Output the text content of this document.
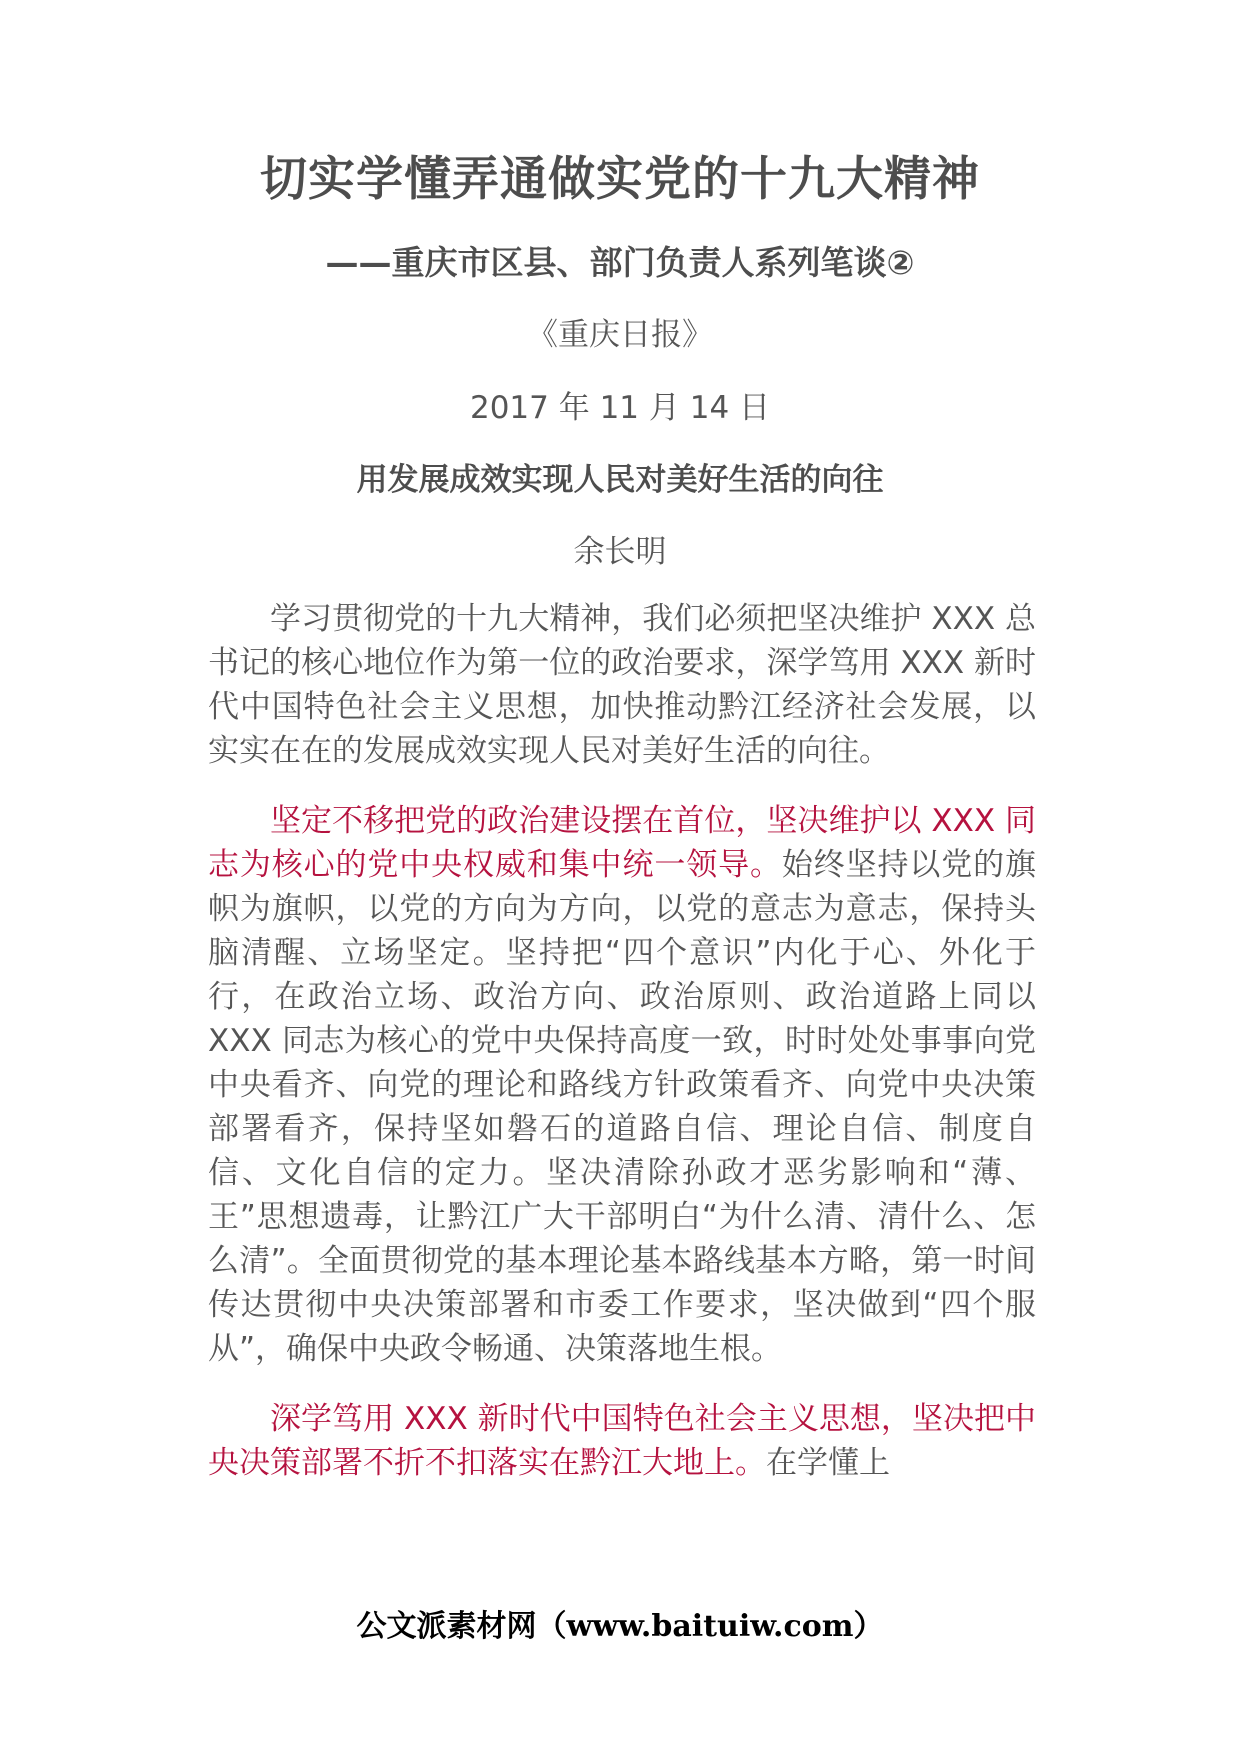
切实学懂弄通做实党的十九大精神
——重庆市区县、部门负责人系列笔谈②
《重庆日报》
2017 年 11 月 14 日
用发展成效实现人民对美好生活的向往
余长明

学习贯彻党的十九大精神，我们必须把坚决维护 XXX 总书记的核心地位作为第一位的政治要求，深学笃用 XXX 新时代中国特色社会主义思想，加快推动黔江经济社会发展，以实实在在的发展成效实现人民对美好生活的向往。

坚定不移把党的政治建设摆在首位，坚决维护以 XXX 同志为核心的党中央权威和集中统一领导。始终坚持以党的旗帜为旗帜，以党的方向为方向，以党的意志为意志，保持头脑清醒、立场坚定。坚持把“四个意识”内化于心、外化于行，在政治立场、政治方向、政治原则、政治道路上同以 XXX 同志为核心的党中央保持高度一致，时时处处事事向党中央看齐、向党的理论和路线方针政策看齐、向党中央决策部署看齐，保持坚如磐石的道路自信、理论自信、制度自信、文化自信的定力。坚决清除孙政才恶劣影响和“薄、王”思想遗毒，让黔江广大干部明白“为什么清、清什么、怎么清”。全面贯彻党的基本理论基本路线基本方略，第一时间传达贯彻中央决策部署和市委工作要求，坚决做到“四个服从”，确保中央政令畅通、决策落地生根。

深学笃用 XXX 新时代中国特色社会主义思想，坚决把中央决策部署不折不扣落实在黔江大地上。在学懂上

公文派素材网（www.baituiw.com）
